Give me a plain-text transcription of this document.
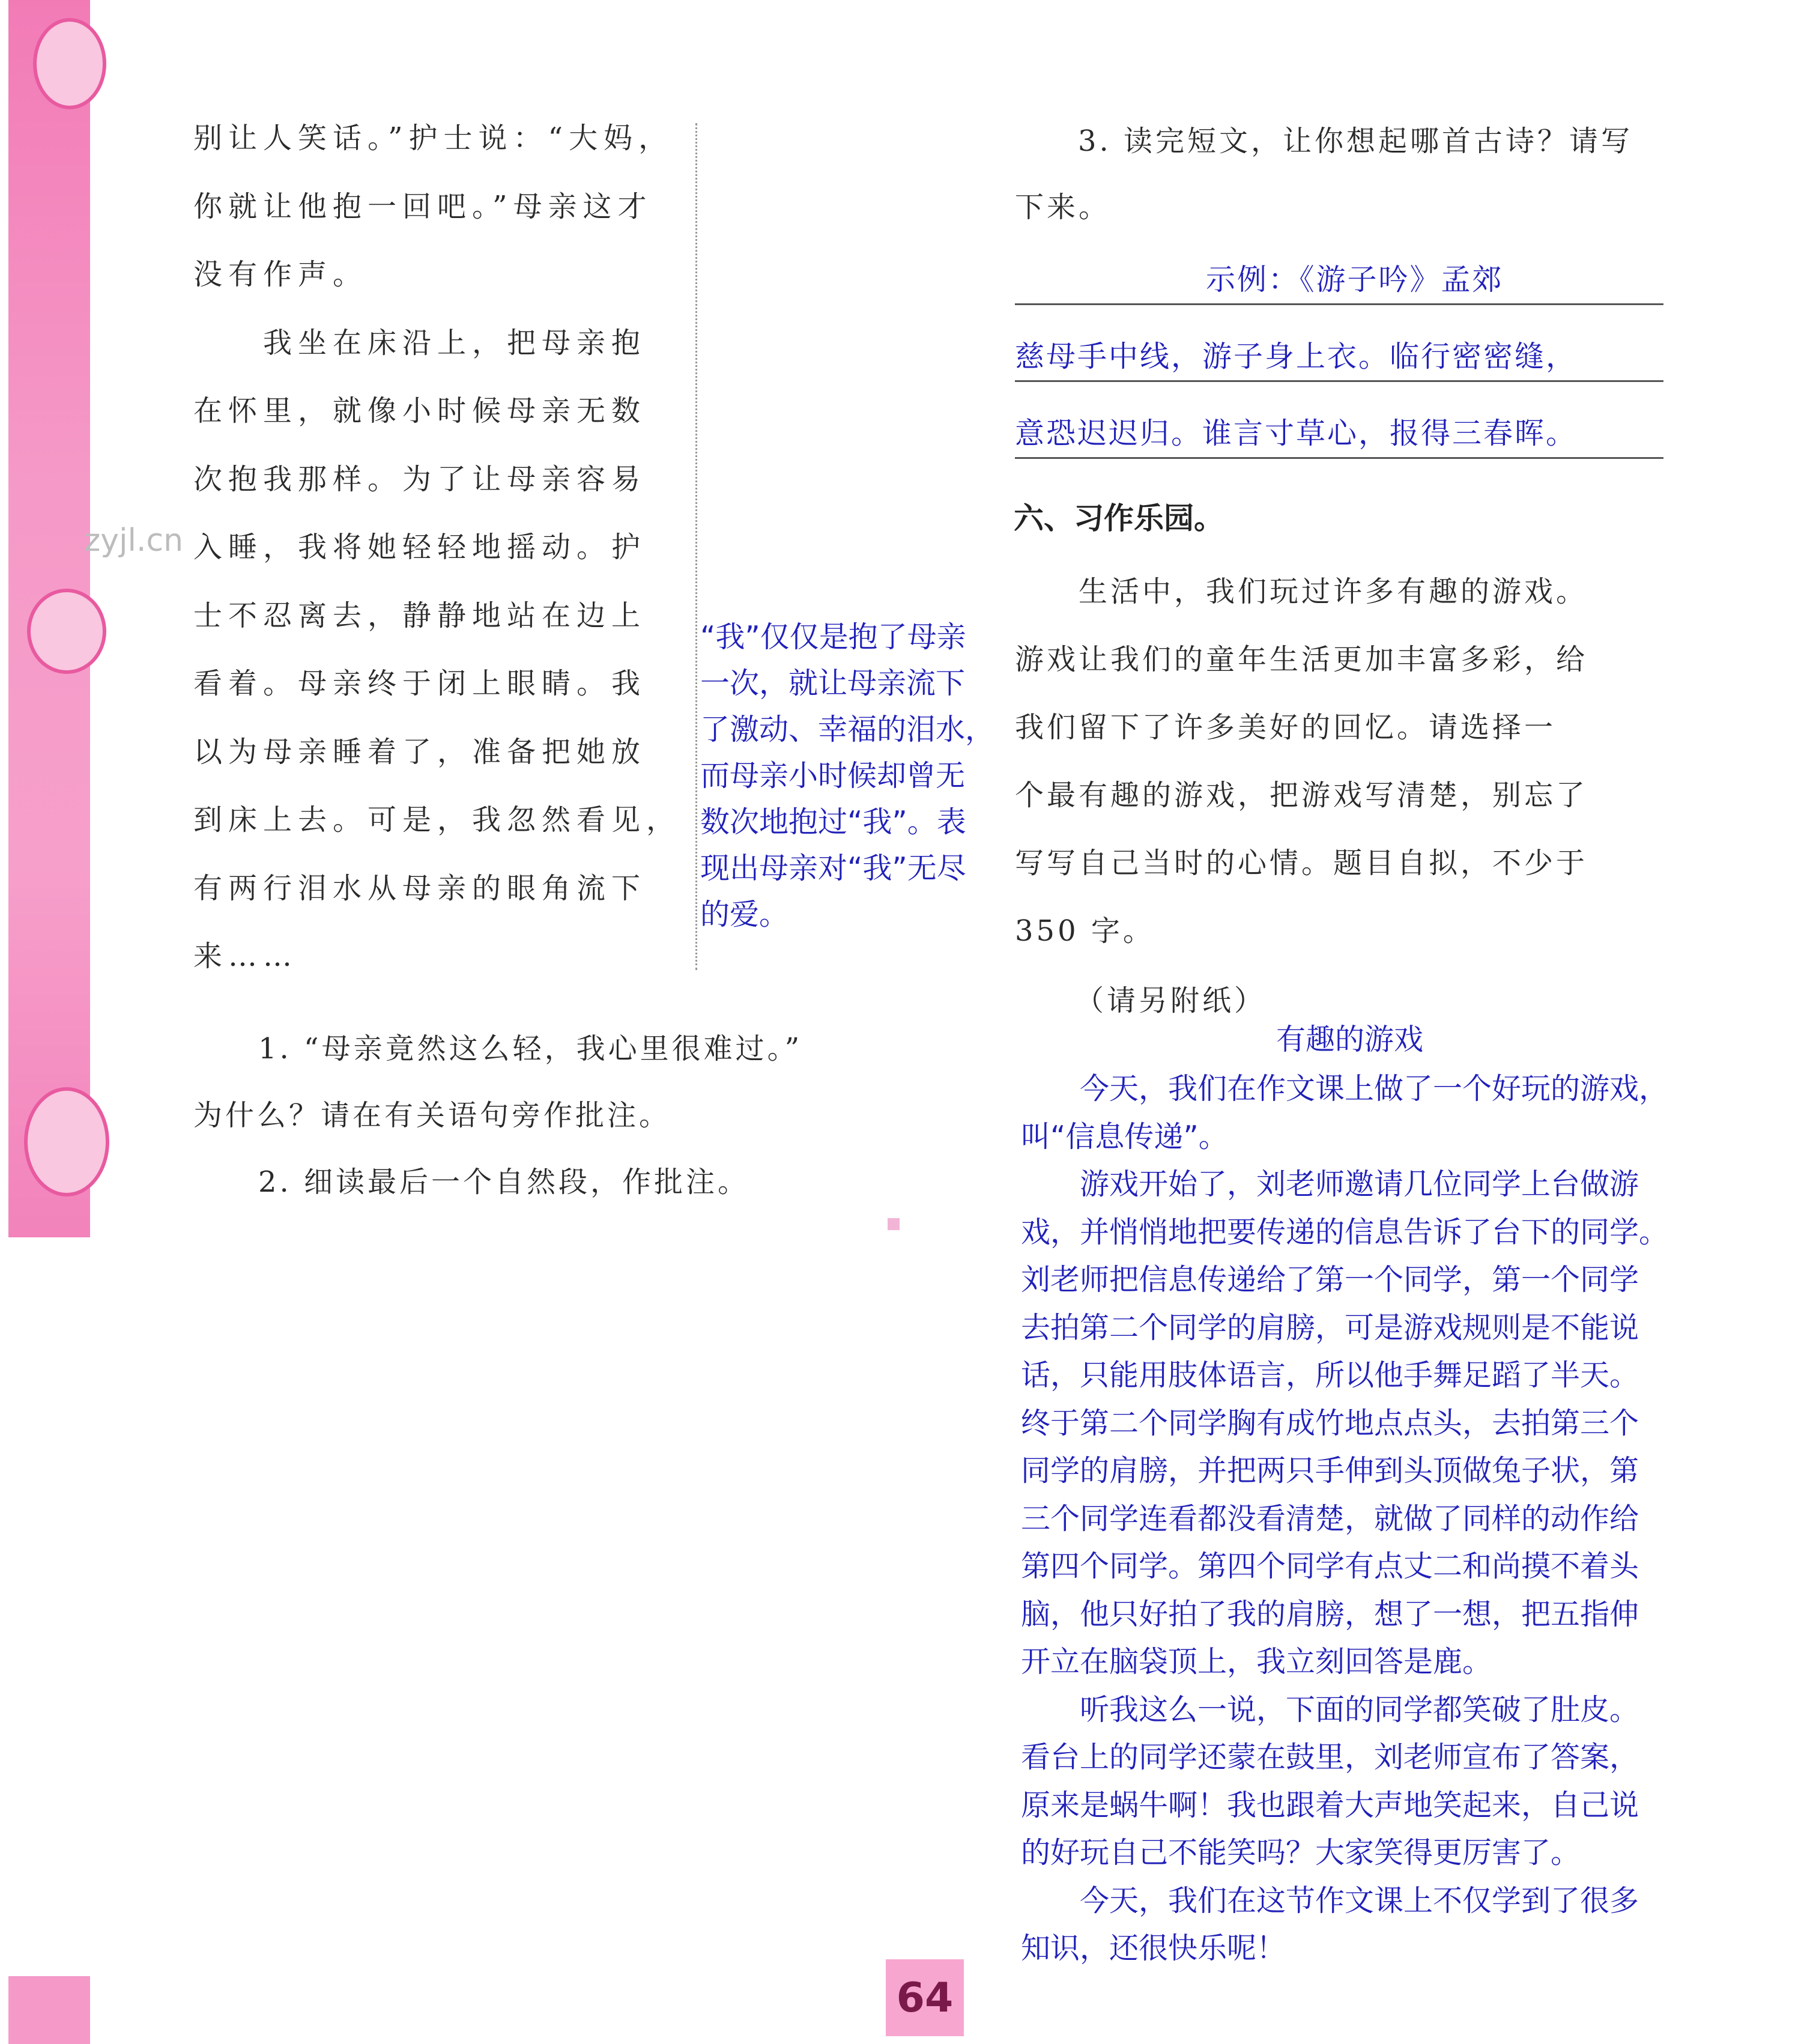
zyjl.cn
别让人笑话。”护士说：“大妈，
你就让他抱一回吧。”母亲这才
没有作声。
　　我坐在床沿上，把母亲抱
在怀里，就像小时候母亲无数
次抱我那样。为了让母亲容易
入睡，我将她轻轻地摇动。护
士不忍离去，静静地站在边上
看着。母亲终于闭上眼睛。我
以为母亲睡着了，准备把她放
到床上去。可是，我忽然看见，
有两行泪水从母亲的眼角流下
来……
1. “母亲竟然这么轻，我心里很难过。”
为什么？请在有关语句旁作批注。
2. 细读最后一个自然段，作批注。
“我”仅仅是抱了母亲
一次，就让母亲流下
了激动、幸福的泪水，
而母亲小时候却曾无
数次地抱过“我”。表
现出母亲对“我”无尽
的爱。
3. 读完短文，让你想起哪首古诗？请写
下来。
示例：《游子吟》孟郊
慈母手中线，游子身上衣。临行密密缝，
意恐迟迟归。谁言寸草心，报得三春晖。
六、习作乐园。
　　生活中，我们玩过许多有趣的游戏。
游戏让我们的童年生活更加丰富多彩，给
我们留下了许多美好的回忆。请选择一
个最有趣的游戏，把游戏写清楚，别忘了
写写自己当时的心情。题目自拟，不少于
350 字。
（请另附纸）
有趣的游戏
　　今天，我们在作文课上做了一个好玩的游戏，
叫“信息传递”。
　　游戏开始了，刘老师邀请几位同学上台做游
戏，并悄悄地把要传递的信息告诉了台下的同学。
刘老师把信息传递给了第一个同学，第一个同学
去拍第二个同学的肩膀，可是游戏规则是不能说
话，只能用肢体语言，所以他手舞足蹈了半天。
终于第二个同学胸有成竹地点点头，去拍第三个
同学的肩膀，并把两只手伸到头顶做兔子状，第
三个同学连看都没看清楚，就做了同样的动作给
第四个同学。第四个同学有点丈二和尚摸不着头
脑，他只好拍了我的肩膀，想了一想，把五指伸
开立在脑袋顶上，我立刻回答是鹿。
　　听我这么一说，下面的同学都笑破了肚皮。
看台上的同学还蒙在鼓里，刘老师宣布了答案，
原来是蜗牛啊！我也跟着大声地笑起来，自己说
的好玩自己不能笑吗？大家笑得更厉害了。
　　今天，我们在这节作文课上不仅学到了很多
知识，还很快乐呢！
64
